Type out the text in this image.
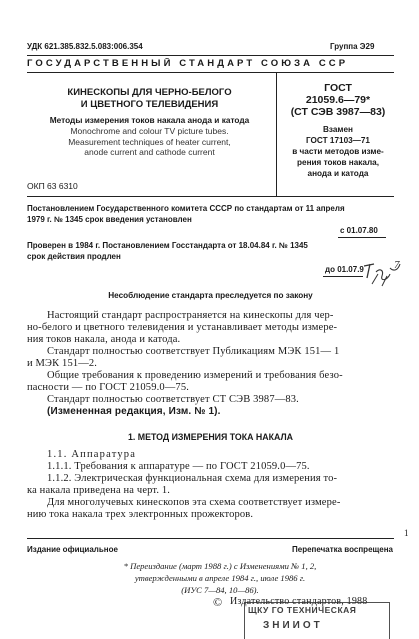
УДК 621.385.832.5.083:006.354	Группа Э29
ГОСУДАРСТВЕННЫЙ СТАНДАРТ СОЮЗА ССР
КИНЕСКОПЫ ДЛЯ ЧЕРНО-БЕЛОГО
И ЦВЕТНОГО ТЕЛЕВИДЕНИЯ
Методы измерения токов накала анода и катода
Monochrome and colour TV picture tubes.
Measurement techniques of heater current,
anode current and cathode current
ОКП 63 6310
ГОСТ
21059.6—79*
(СТ СЭВ 3987—83)
Взамен
ГОСТ 17103—71
в части методов изме-
рения токов накала,
анода и катода
Постановлением Государственного комитета СССР по стандартам от 11 апреля
1979 г. № 1345 срок введения установлен
с 01.07.80
Проверен в 1984 г. Постановлением Госстандарта от 18.04.84 г. № 1345
срок действия продлен
до 01.07.9	7
Несоблюдение стандарта преследуется по закону
Настоящий стандарт распространяется на кинескопы для чер-
но-белого и цветного телевидения и устанавливает методы измере-
ния токов накала, анода и катода.
Стандарт полностью соответствует Публикациям МЭК 151— 1
и МЭК 151—2.
Общие требования к проведению измерений и требования безо-
пасности — по ГОСТ 21059.0—75.
Стандарт полностью соответствует СТ СЭВ 3987—83.
(Измененная редакция, Изм. № 1).
1. МЕТОД ИЗМЕРЕНИЯ ТОКА НАКАЛА
1.1. Аппаратура
1.1.1. Требования к аппаратуре — по ГОСТ 21059.0—75.
1.1.2. Электрическая функциональная схема для измерения то-
ка накала приведена на черт. 1.
Для многолучевых кинескопов эта схема соответствует измере-
нию тока накала трех электронных прожекторов.
1
Издание официальное	Перепечатка воспрещена
* Переиздание (март 1988 г.) с Изменениями № 1, 2,
утвержденными в апреле 1984 г., июле 1986 г.
(ИУС 7—84, 10—86).
© Издательство стандартов, 1988
ЩКУ ГО ТЕХНИЧЕСКАЯ
ЗНИИОТ
